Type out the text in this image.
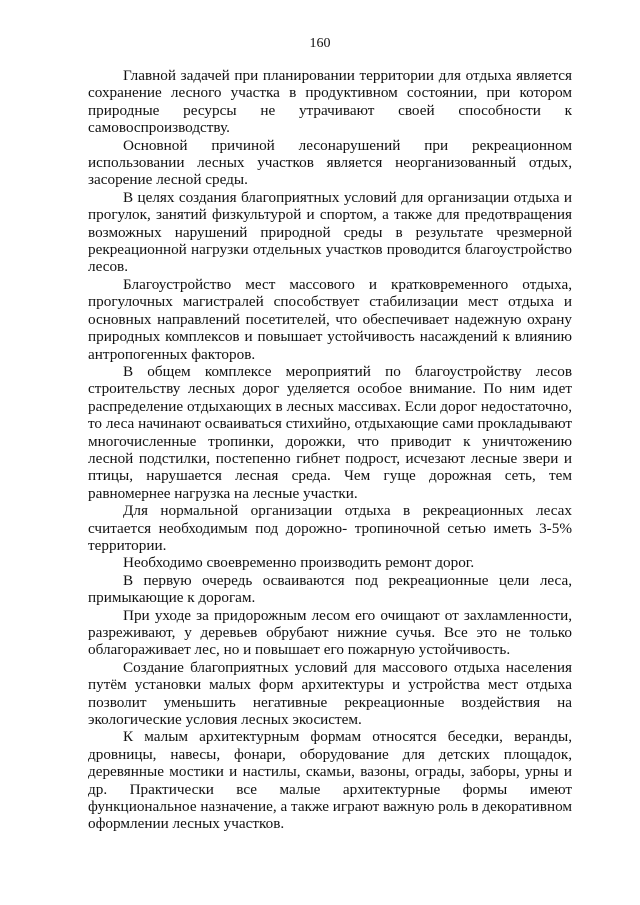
160

Главной задачей при планировании территории для отдыха является сохранение лесного участка в продуктивном состоянии, при котором природные ресурсы не утрачивают своей способности к самовоспроизводству.

Основной причиной лесонарушений при рекреационном использовании лесных участков является неорганизованный отдых, засорение лесной среды.

В целях создания благоприятных условий для организации отдыха и прогулок, занятий физкультурой и спортом, а также для предотвращения возможных нарушений природной среды в результате чрезмерной рекреационной нагрузки отдельных участков проводится благоустройство лесов.

Благоустройство мест массового и кратковременного отдыха, прогулочных магистралей способствует стабилизации мест отдыха и основных направлений посетителей, что обеспечивает надежную охрану природных комплексов и повышает устойчивость насаждений к влиянию антропогенных факторов.

В общем комплексе мероприятий по благоустройству лесов строительству лесных дорог уделяется особое внимание. По ним идет распределение отдыхающих в лесных массивах. Если дорог недостаточно, то леса начинают осваиваться стихийно, отдыхающие сами прокладывают многочисленные тропинки, дорожки, что приводит к уничтожению лесной подстилки, постепенно гибнет подрост, исчезают лесные звери и птицы, нарушается лесная среда. Чем гуще дорожная сеть, тем равномернее нагрузка на лесные участки.

Для нормальной организации отдыха в рекреационных лесах считается необходимым под дорожно- тропиночной сетью иметь 3-5% территории.

Необходимо своевременно производить ремонт дорог.

В первую очередь осваиваются под рекреационные цели леса, примыкающие к дорогам.

При уходе за придорожным лесом его очищают от захламленности, разреживают, у деревьев обрубают нижние сучья. Все это не только облагораживает лес, но и повышает его пожарную устойчивость.

Создание благоприятных условий для массового отдыха населения путём установки малых форм архитектуры и устройства мест отдыха позволит уменьшить негативные рекреационные воздействия на экологические условия лесных экосистем.

К малым архитектурным формам относятся беседки, веранды, дровницы, навесы, фонари, оборудование для детских площадок, деревянные мостики и настилы, скамьи, вазоны, ограды, заборы, урны и др. Практически все малые архитектурные формы имеют функциональное назначение, а также играют важную роль в декоративном оформлении лесных участков.
